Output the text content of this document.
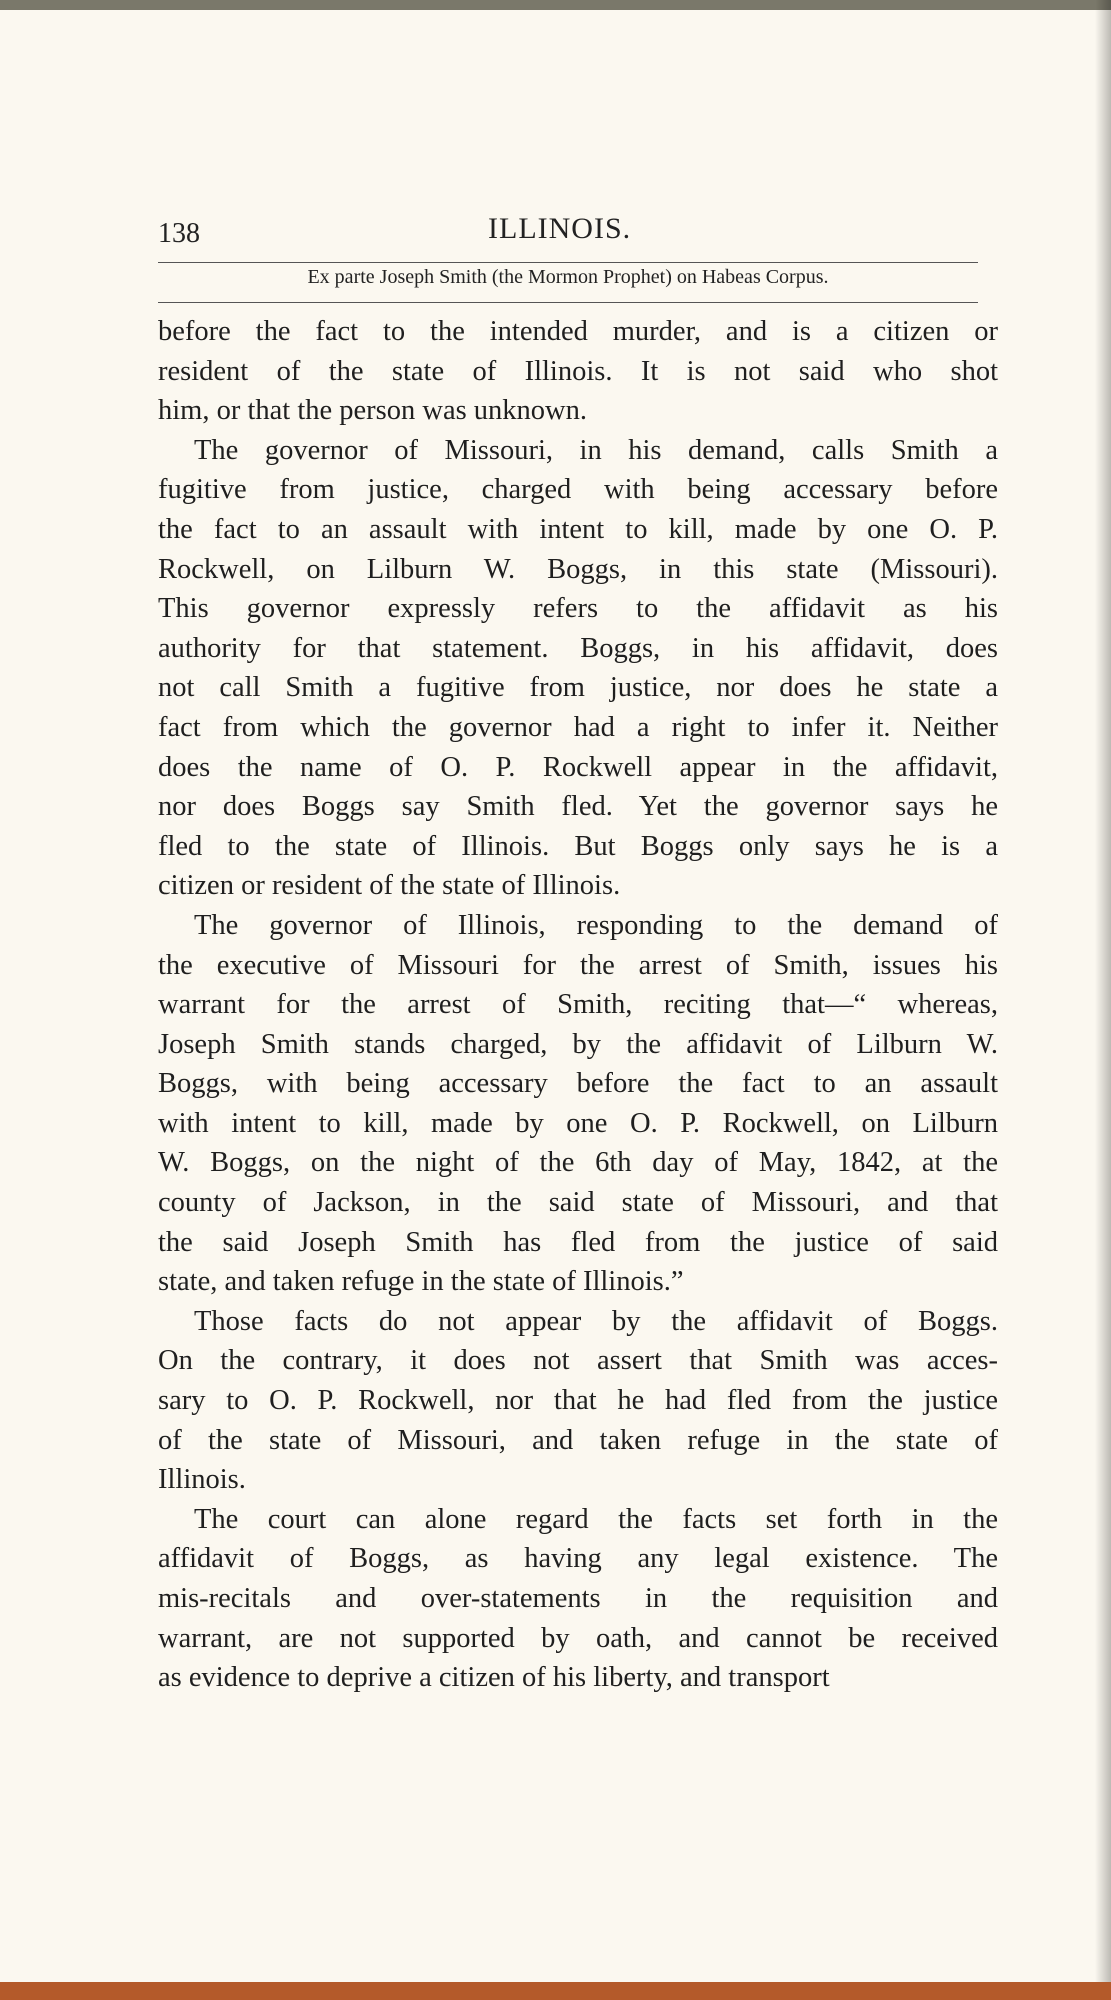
138	ILLINOIS.
Ex parte Joseph Smith (the Mormon Prophet) on Habeas Corpus.

before the fact to the intended murder, and is a citizen or
resident of the state of Illinois. It is not said who shot
him, or that the person was unknown.

The governor of Missouri, in his demand, calls Smith a
fugitive from justice, charged with being accessary before
the fact to an assault with intent to kill, made by one O. P.
Rockwell, on Lilburn W. Boggs, in this state (Missouri).
This governor expressly refers to the affidavit as his
authority for that statement. Boggs, in his affidavit, does
not call Smith a fugitive from justice, nor does he state a
fact from which the governor had a right to infer it. Neither
does the name of O. P. Rockwell appear in the affidavit,
nor does Boggs say Smith fled. Yet the governor says he
fled to the state of Illinois. But Boggs only says he is a
citizen or resident of the state of Illinois.

The governor of Illinois, responding to the demand of
the executive of Missouri for the arrest of Smith, issues his
warrant for the arrest of Smith, reciting that—“ whereas,
Joseph Smith stands charged, by the affidavit of Lilburn W.
Boggs, with being accessary before the fact to an assault
with intent to kill, made by one O. P. Rockwell, on Lilburn
W. Boggs, on the night of the 6th day of May, 1842, at the
county of Jackson, in the said state of Missouri, and that
the said Joseph Smith has fled from the justice of said
state, and taken refuge in the state of Illinois.”

Those facts do not appear by the affidavit of Boggs.
On the contrary, it does not assert that Smith was acces-
sary to O. P. Rockwell, nor that he had fled from the justice
of the state of Missouri, and taken refuge in the state of
Illinois.

The court can alone regard the facts set forth in the
affidavit of Boggs, as having any legal existence. The
mis-recitals and over-statements in the requisition and
warrant, are not supported by oath, and cannot be received
as evidence to deprive a citizen of his liberty, and transport
